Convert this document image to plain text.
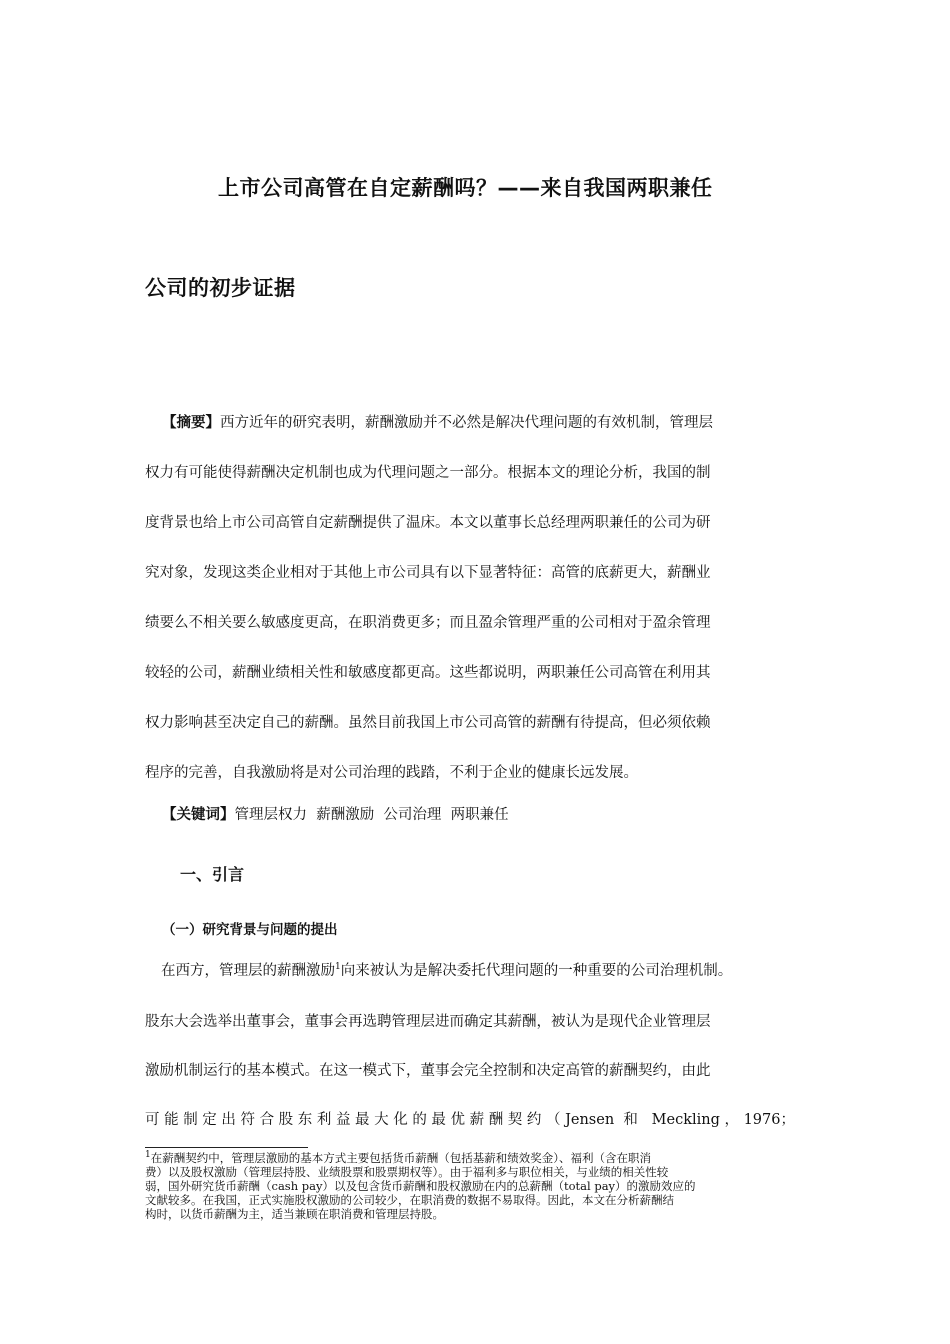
上市公司高管在自定薪酬吗？——来自我国两职兼任
公司的初步证据
【摘要】西方近年的研究表明，薪酬激励并不必然是解决代理问题的有效机制，管理层
权力有可能使得薪酬决定机制也成为代理问题之一部分。根据本文的理论分析，我国的制
度背景也给上市公司高管自定薪酬提供了温床。本文以董事长总经理两职兼任的公司为研
究对象，发现这类企业相对于其他上市公司具有以下显著特征：高管的底薪更大，薪酬业
绩要么不相关要么敏感度更高，在职消费更多；而且盈余管理严重的公司相对于盈余管理
较轻的公司，薪酬业绩相关性和敏感度都更高。这些都说明，两职兼任公司高管在利用其
权力影响甚至决定自己的薪酬。虽然目前我国上市公司高管的薪酬有待提高，但必须依赖
程序的完善，自我激励将是对公司治理的践踏，不利于企业的健康长远发展。
【关键词】管理层权力  薪酬激励  公司治理  两职兼任
一、引言
（一）研究背景与问题的提出
在西方，管理层的薪酬激励$^1$向来被认为是解决委托代理问题的一种重要的公司治理机制。
股东大会选举出董事会，董事会再选聘管理层进而确定其薪酬，被认为是现代企业管理层
激励机制运行的基本模式。在这一模式下，董事会完全控制和决定高管的薪酬契约，由此
可能制定出符合股东利益最大化的最优薪酬契约（Jensen 和 Meckling，1976；
$^1$在薪酬契约中，管理层激励的基本方式主要包括货币薪酬（包括基薪和绩效奖金）、福利（含在职消
费）以及股权激励（管理层持股、业绩股票和股票期权等）。由于福利多与职位相关，与业绩的相关性较
弱，国外研究货币薪酬（cash pay）以及包含货币薪酬和股权激励在内的总薪酬（total pay）的激励效应的
文献较多。在我国，正式实施股权激励的公司较少，在职消费的数据不易取得。因此，本文在分析薪酬结
构时，以货币薪酬为主，适当兼顾在职消费和管理层持股。
